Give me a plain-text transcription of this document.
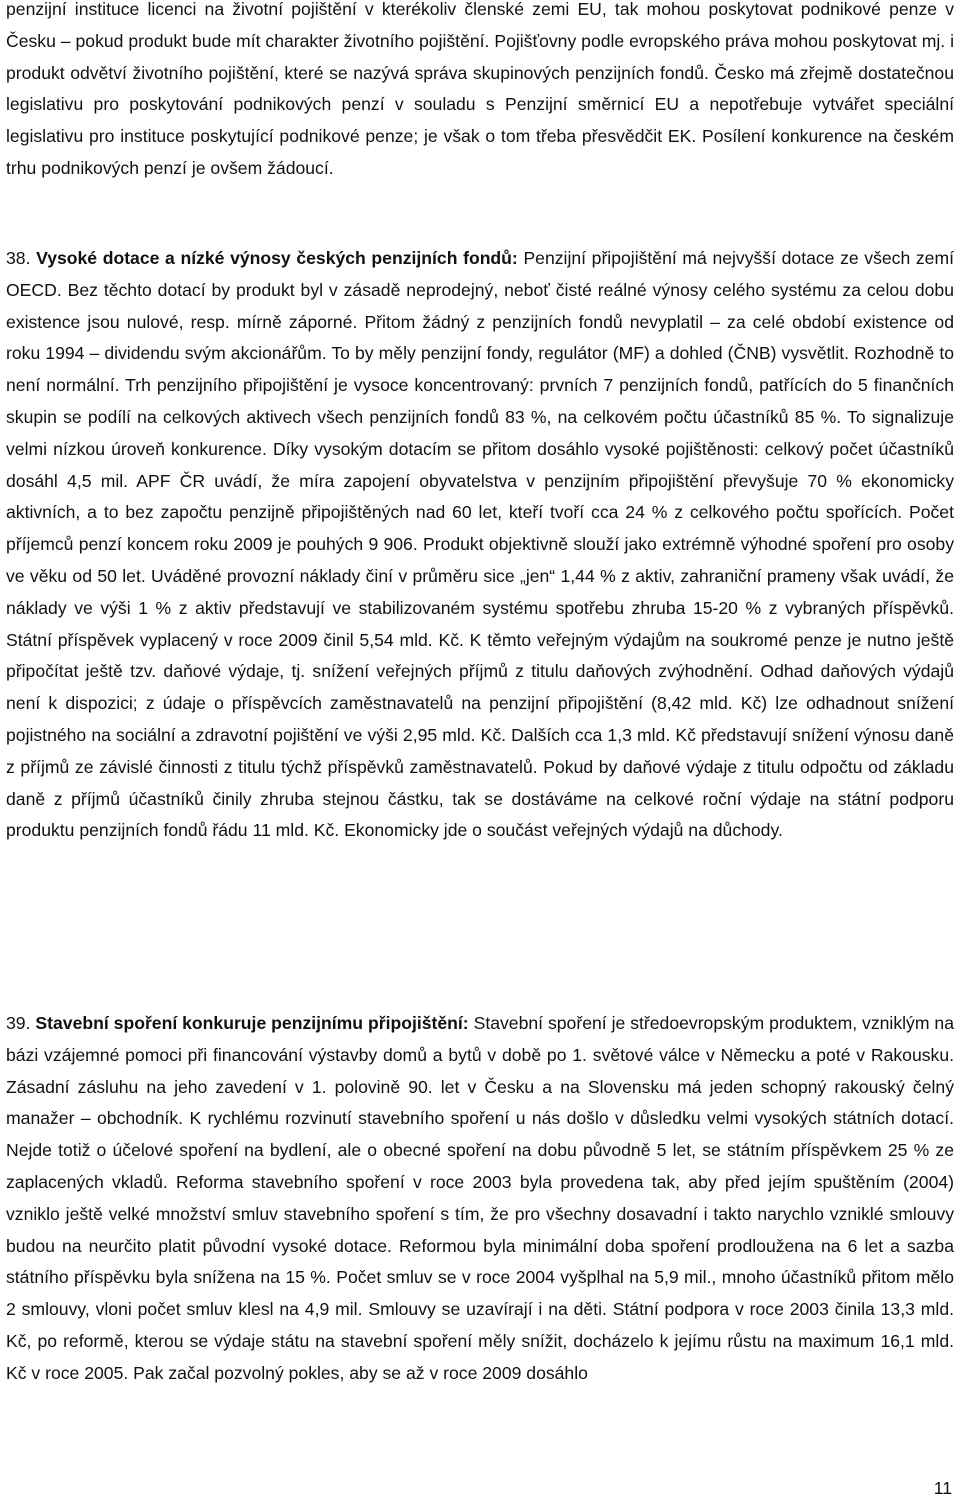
penzijní instituce licenci na životní pojištění v kterékoliv členské zemi EU, tak mohou poskytovat podnikové penze v Česku – pokud produkt bude mít charakter životního pojištění. Pojišťovny podle evropského práva mohou poskytovat mj. i produkt odvětví životního pojištění, které se nazývá správa skupinových penzijních fondů. Česko má zřejmě dostatečnou legislativu pro poskytování podnikových penzí v souladu s Penzijní směrnicí EU a nepotřebuje vytvářet speciální legislativu pro instituce poskytující podnikové penze; je však o tom třeba přesvědčit EK. Posílení konkurence na českém trhu podnikových penzí je ovšem žádoucí.

38. Vysoké dotace a nízké výnosy českých penzijních fondů: Penzijní připojištění má nejvyšší dotace ze všech zemí OECD. Bez těchto dotací by produkt byl v zásadě neprodejný, neboť čisté reálné výnosy celého systému za celou dobu existence jsou nulové, resp. mírně záporné. Přitom žádný z penzijních fondů nevyplatil – za celé období existence od roku 1994 – dividendu svým akcionářům. To by měly penzijní fondy, regulátor (MF) a dohled (ČNB) vysvětlit. Rozhodně to není normální. Trh penzijního připojištění je vysoce koncentrovaný: prvních 7 penzijních fondů, patřících do 5 finančních skupin se podílí na celkových aktivech všech penzijních fondů 83 %, na celkovém počtu účastníků 85 %. To signalizuje velmi nízkou úroveň konkurence. Díky vysokým dotacím se přitom dosáhlo vysoké pojištěnosti: celkový počet účastníků dosáhl 4,5 mil. APF ČR uvádí, že míra zapojení obyvatelstva v penzijním připojištění převyšuje 70 % ekonomicky aktivních, a to bez započtu penzijně připojištěných nad 60 let, kteří tvoří cca 24 % z celkového počtu spořících. Počet příjemců penzí koncem roku 2009 je pouhých 9 906. Produkt objektivně slouží jako extrémně výhodné spoření pro osoby ve věku od 50 let. Uváděné provozní náklady činí v průměru sice „jen“ 1,44 % z aktiv, zahraniční prameny však uvádí, že náklady ve výši 1 % z aktiv představují ve stabilizovaném systému spotřebu zhruba 15-20 % z vybraných příspěvků. Státní příspěvek vyplacený v roce 2009 činil 5,54 mld. Kč. K těmto veřejným výdajům na soukromé penze je nutno ještě připočítat ještě tzv. daňové výdaje, tj. snížení veřejných příjmů z titulu daňových zvýhodnění. Odhad daňových výdajů není k dispozici; z údaje o příspěvcích zaměstnavatelů na penzijní připojištění (8,42 mld. Kč) lze odhadnout snížení pojistného na sociální a zdravotní pojištění ve výši 2,95 mld. Kč. Dalších cca 1,3 mld. Kč představují snížení výnosu daně z příjmů ze závislé činnosti z titulu týchž příspěvků zaměstnavatelů. Pokud by daňové výdaje z titulu odpočtu od základu daně z příjmů účastníků činily zhruba stejnou částku, tak se dostáváme na celkové roční výdaje na státní podporu produktu penzijních fondů řádu 11 mld. Kč. Ekonomicky jde o součást veřejných výdajů na důchody.

39. Stavební spoření konkuruje penzijnímu připojištění: Stavební spoření je středoevropským produktem, vzniklým na bázi vzájemné pomoci při financování výstavby domů a bytů v době po 1. světové válce v Německu a poté v Rakousku. Zásadní zásluhu na jeho zavedení v 1. polovině 90. let v Česku a na Slovensku má jeden schopný rakouský čelný manažer – obchodník. K rychlému rozvinutí stavebního spoření u nás došlo v důsledku velmi vysokých státních dotací. Nejde totiž o účelové spoření na bydlení, ale o obecné spoření na dobu původně 5 let, se státním příspěvkem 25 % ze zaplacených vkladů. Reforma stavebního spoření v roce 2003 byla provedena tak, aby před jejím spuštěním (2004) vzniklo ještě velké množství smluv stavebního spoření s tím, že pro všechny dosavadní i takto narychlo vzniklé smlouvy budou na neurčito platit původní vysoké dotace. Reformou byla minimální doba spoření prodloužena na 6 let a sazba státního příspěvku byla snížena na 15 %. Počet smluv se v roce 2004 vyšplhal na 5,9 mil., mnoho účastníků přitom mělo 2 smlouvy, vloni počet smluv klesl na 4,9 mil. Smlouvy se uzavírají i na děti. Státní podpora v roce 2003 činila 13,3 mld. Kč, po reformě, kterou se výdaje státu na stavební spoření měly snížit, docházelo k jejímu růstu na maximum 16,1 mld. Kč v roce 2005. Pak začal pozvolný pokles, aby se až v roce 2009 dosáhlo

11
